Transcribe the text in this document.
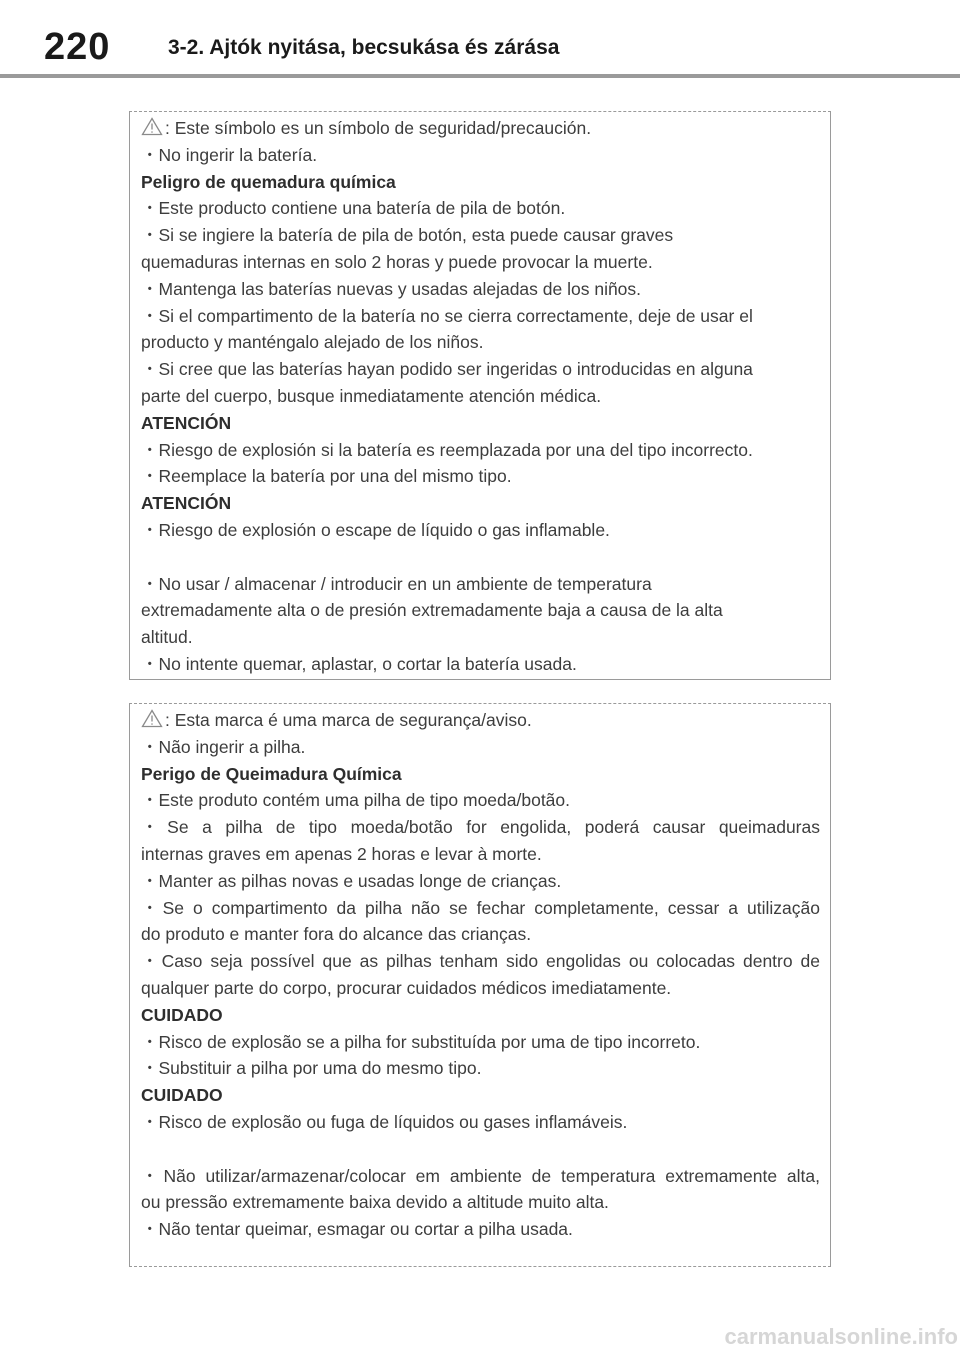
220	3-2. Ajtók nyitása, becsukása és zárása
: Este símbolo es un símbolo de seguridad/precaución.
・No ingerir la batería.
Peligro de quemadura química
・Este producto contiene una batería de pila de botón.
・Si se ingiere la batería de pila de botón, esta puede causar graves
quemaduras internas en solo 2 horas y puede provocar la muerte.
・Mantenga las baterías nuevas y usadas alejadas de los niños.
・Si el compartimento de la batería no se cierra correctamente, deje de usar el
producto y manténgalo alejado de los niños.
・Si cree que las baterías hayan podido ser ingeridas o introducidas en alguna
parte del cuerpo, busque inmediatamente atención médica.
ATENCIÓN
・Riesgo de explosión si la batería es reemplazada por una del tipo incorrecto.
・Reemplace la batería por una del mismo tipo.
ATENCIÓN
・Riesgo de explosión o escape de líquido o gas inflamable.
・No usar / almacenar / introducir en un ambiente de temperatura
extremadamente alta o de presión extremadamente baja a causa de la alta
altitud.
・No intente quemar, aplastar, o cortar la batería usada.
: Esta marca é uma marca de segurança/aviso.
・Não ingerir a pilha.
Perigo de Queimadura Química
・Este produto contém uma pilha de tipo moeda/botão.
・Se a pilha de tipo moeda/botão for engolida, poderá causar queimaduras
internas graves em apenas 2 horas e levar à morte.
・Manter as pilhas novas e usadas longe de crianças.
・Se o compartimento da pilha não se fechar completamente, cessar a utilização
do produto e manter fora do alcance das crianças.
・Caso seja possível que as pilhas tenham sido engolidas ou colocadas dentro de
qualquer parte do corpo, procurar cuidados médicos imediatamente.
CUIDADO
・Risco de explosão se a pilha for substituída por uma de tipo incorreto.
・Substituir a pilha por uma do mesmo tipo.
CUIDADO
・Risco de explosão ou fuga de líquidos ou gases inflamáveis.
・Não utilizar/armazenar/colocar em ambiente de temperatura extremamente alta,
ou pressão extremamente baixa devido a altitude muito alta.
・Não tentar queimar, esmagar ou cortar a pilha usada.
carmanualsonline.info
